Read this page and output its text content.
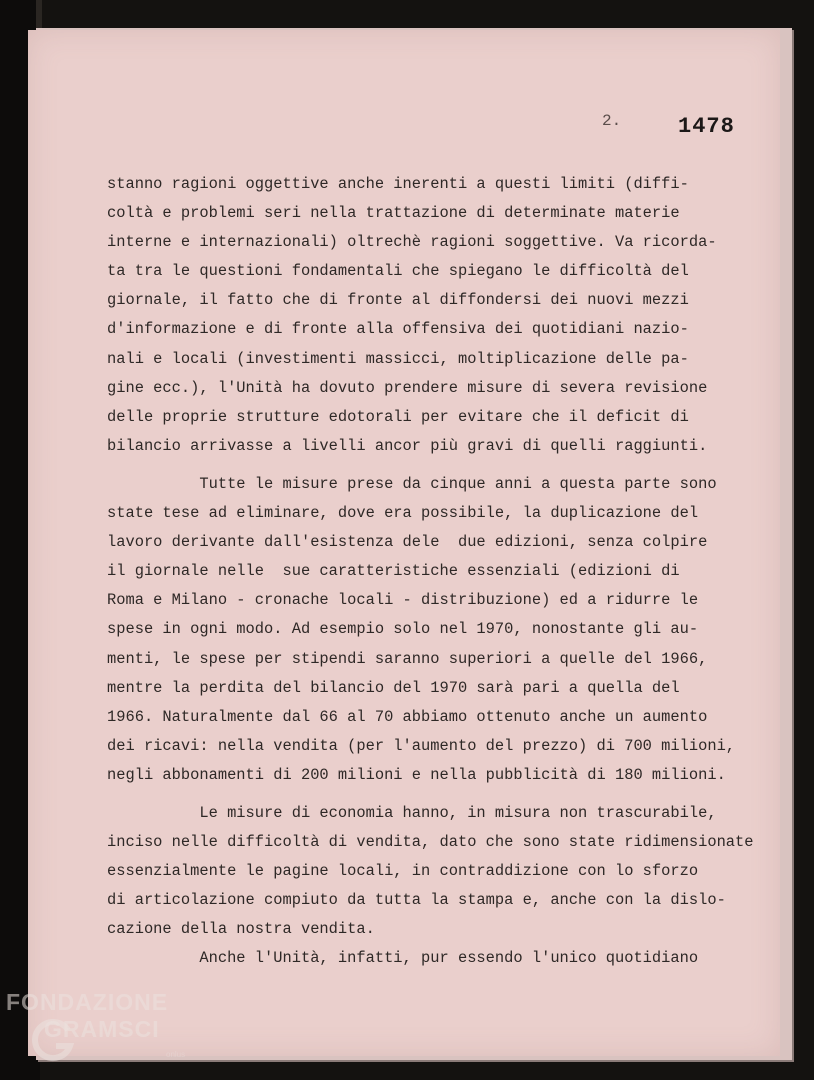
2.	1478
stanno ragioni oggettive anche inerenti a questi limiti (diffi-
coltà e problemi seri nella trattazione di determinate materie
interne e internazionali) oltrechè ragioni soggettive. Va ricorda-
ta tra le questioni fondamentali che spiegano le difficoltà del
giornale, il fatto che di fronte al diffondersi dei nuovi mezzi
d'informazione e di fronte alla offensiva dei quotidiani nazio-
nali e locali (investimenti massicci, moltiplicazione delle pa-
gine ecc.), l'Unità ha dovuto prendere misure di severa revisione
delle proprie strutture edotorali per evitare che il deficit di
bilancio arrivasse a livelli ancor più gravi di quelli raggiunti.
Tutte le misure prese da cinque anni a questa parte sono
state tese ad eliminare, dove era possibile, la duplicazione del
lavoro derivante dall'esistenza dele  due edizioni, senza colpire
il giornale nelle  sue caratteristiche essenziali (edizioni di
Roma e Milano - cronache locali - distribuzione) ed a ridurre le
spese in ogni modo. Ad esempio solo nel 1970, nonostante gli au-
menti, le spese per stipendi saranno superiori a quelle del 1966,
mentre la perdita del bilancio del 1970 sarà pari a quella del
1966. Naturalmente dal 66 al 70 abbiamo ottenuto anche un aumento
dei ricavi: nella vendita (per l'aumento del prezzo) di 700 milioni,
negli abbonamenti di 200 milioni e nella pubblicità di 180 milioni.
Le misure di economia hanno, in misura non trascurabile,
inciso nelle difficoltà di vendita, dato che sono state ridimensionate
essenzialmente le pagine locali, in contraddizione con lo sforzo
di articolazione compiuto da tutta la stampa e, anche con la dislo-
cazione della nostra vendita.
Anche l'Unità, infatti, pur essendo l'unico quotidiano
FONDAZIONE
GRAMSCI
onlus
